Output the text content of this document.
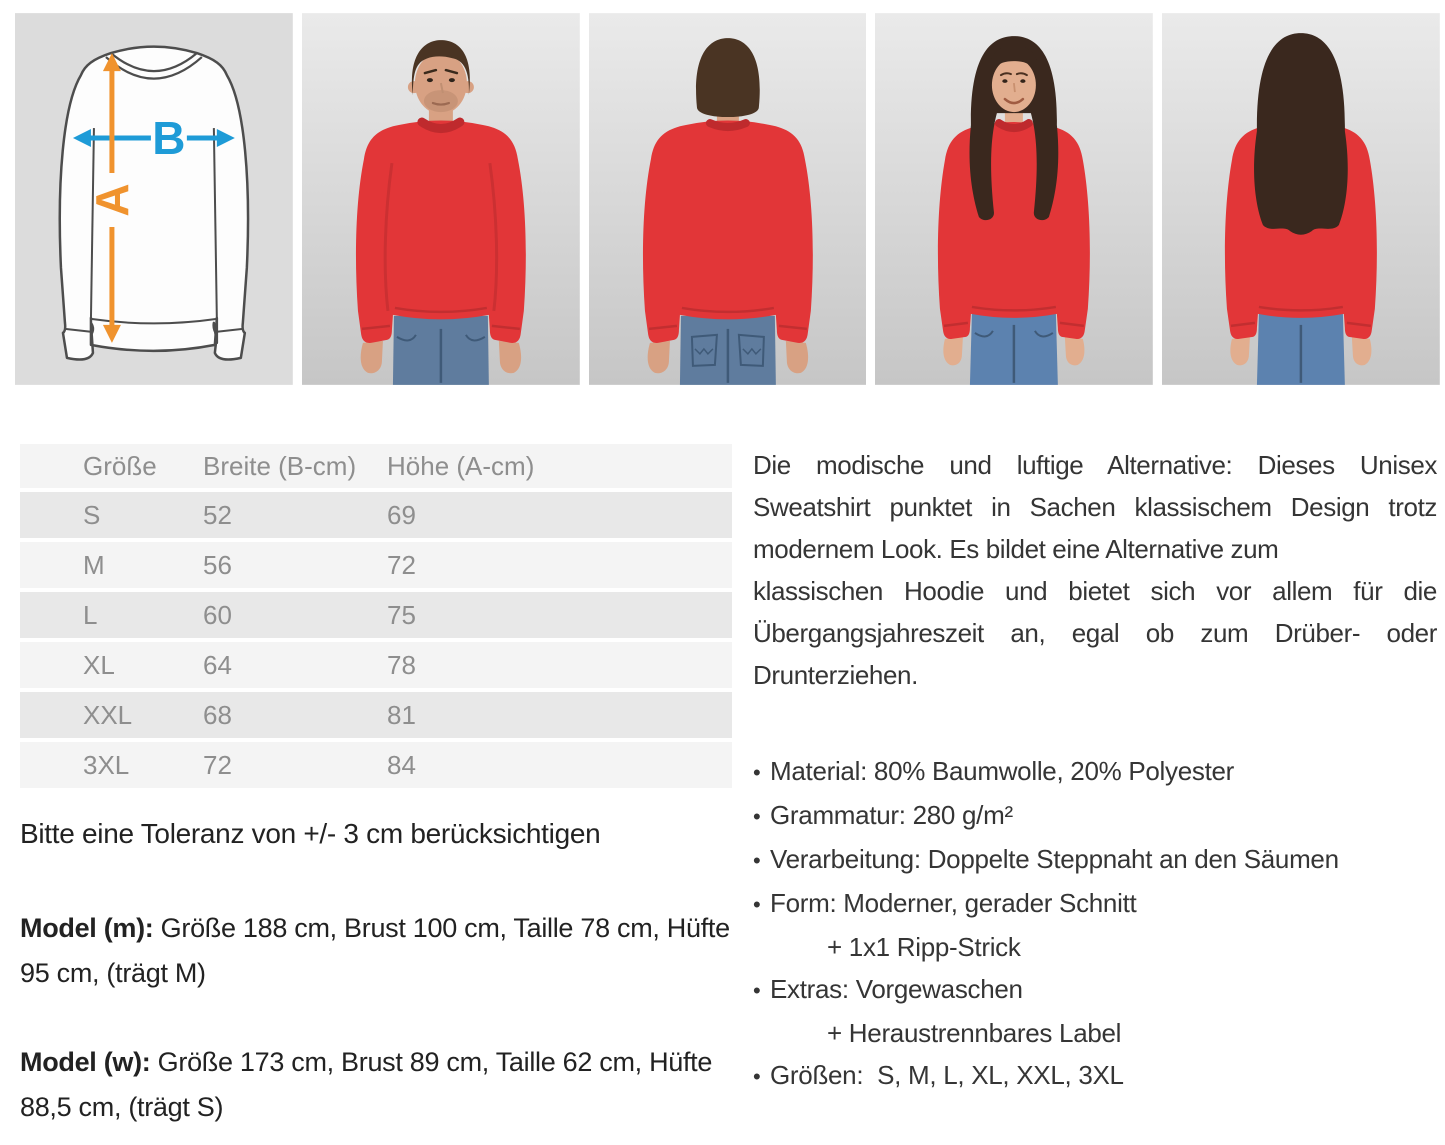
B
A
Größe	Breite (B-cm)	Höhe (A-cm)
S	52	69
M	56	72
L	60	75
XL	64	78
XXL	68	81
3XL	72	84

Bitte eine Toleranz von +/- 3 cm berücksichtigen

Model (m): Größe 188 cm, Brust 100 cm, Taille 78 cm, Hüfte 95 cm, (trägt M)

Model (w): Größe 173 cm, Brust 89 cm, Taille 62 cm, Hüfte 88,5 cm, (trägt S)

Die modische und luftige Alternative: Dieses Unisex
Sweatshirt punktet in Sachen klassischem Design trotz
modernem Look. Es bildet eine Alternative zum
klassischen Hoodie und bietet sich vor allem für die
Übergangsjahreszeit an, egal ob zum Drüber- oder
Drunterziehen.
• Material: 80% Baumwolle, 20% Polyester
• Grammatur: 280 g/m²
• Verarbeitung: Doppelte Steppnaht an den Säumen
• Form: Moderner, gerader Schnitt
+ 1x1 Ripp-Strick
• Extras: Vorgewaschen
+ Heraustrennbares Label
• Größen:  S, M, L, XL, XXL, 3XL
